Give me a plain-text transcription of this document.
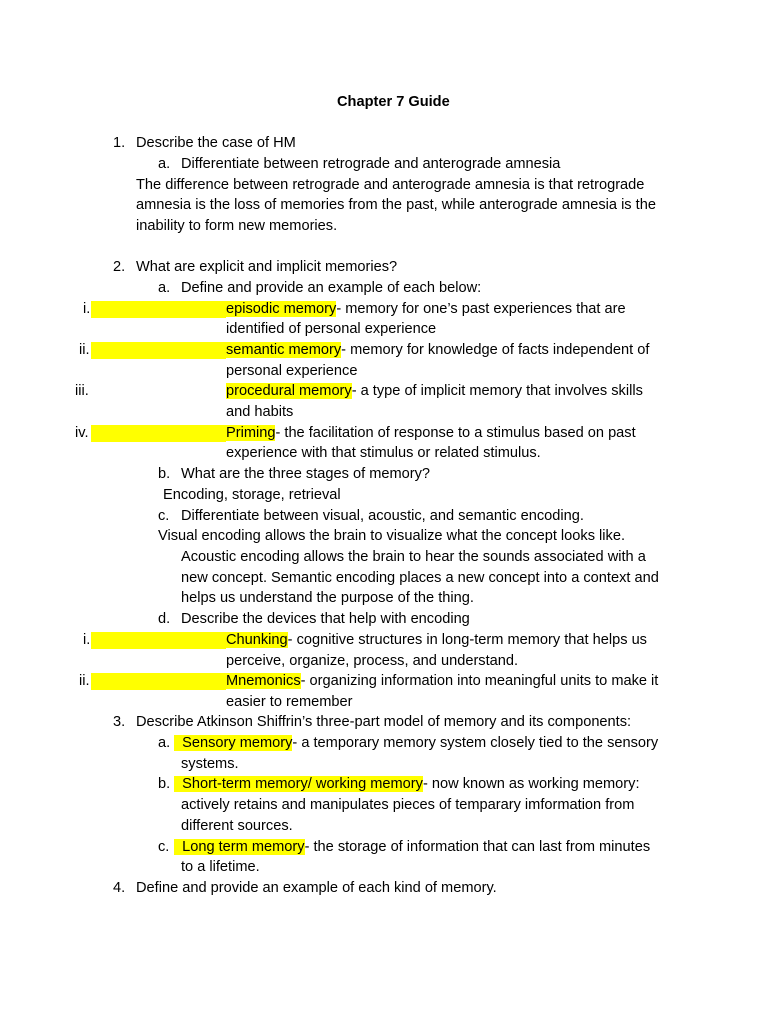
Chapter 7 Guide
1. Describe the case of HM
a. Differentiate between retrograde and anterograde amnesia
The difference between retrograde and anterograde amnesia is that retrograde
amnesia is the loss of memories from the past, while anterograde amnesia is the
inability to form new memories.
2. What are explicit and implicit memories?
a. Define and provide an example of each below:
i.	episodic memory- memory for one’s past experiences that are
identified of personal experience
ii.	semantic memory- memory for knowledge of facts independent of
personal experience
iii.	procedural memory- a type of implicit memory that involves skills
and habits
iv.	Priming- the facilitation of response to a stimulus based on past
experience with that stimulus or related stimulus.
b. What are the three stages of memory?
Encoding, storage, retrieval
c. Differentiate between visual, acoustic, and semantic encoding.
Visual encoding allows the brain to visualize what the concept looks like.
Acoustic encoding allows the brain to hear the sounds associated with a
new concept. Semantic encoding places a new concept into a context and
helps us understand the purpose of the thing.
d. Describe the devices that help with encoding
i.	Chunking- cognitive structures in long-term memory that helps us
perceive, organize, process, and understand.
ii.	Mnemonics- organizing information into meaningful units to make it
easier to remember
3. Describe Atkinson Shiffrin’s three-part model of memory and its components:
a. Sensory memory- a temporary memory system closely tied to the sensory
systems.
b. Short-term memory/ working memory- now known as working memory:
actively retains and manipulates pieces of temparary imformation from
different sources.
c. Long term memory- the storage of information that can last from minutes
to a lifetime.
4. Define and provide an example of each kind of memory.
